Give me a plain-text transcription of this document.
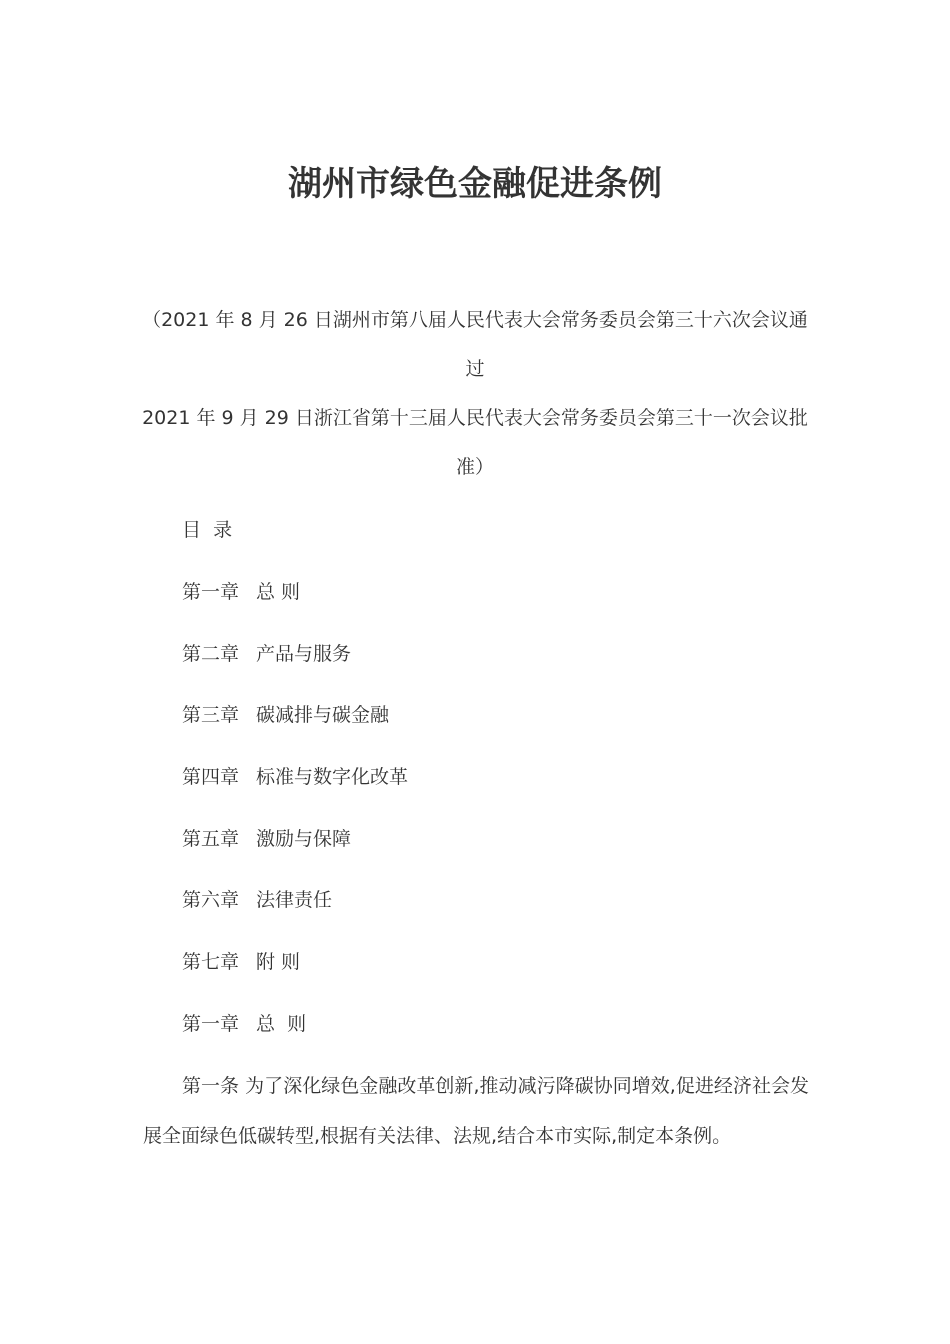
湖州市绿色金融促进条例
（2021 年 8 月 26 日湖州市第八届人民代表大会常务委员会第三十六次会议通过
2021 年 9 月 29 日浙江省第十三届人民代表大会常务委员会第三十一次会议批准）
目  录
第一章 总 则
第二章 产品与服务
第三章 碳减排与碳金融
第四章 标准与数字化改革
第五章 激励与保障
第六章 法律责任
第七章 附 则
第一章 总  则
第一条 为了深化绿色金融改革创新,推动减污降碳协同增效,促进经济社会发展全面绿色低碳转型,根据有关法律、法规,结合本市实际,制定本条例。
